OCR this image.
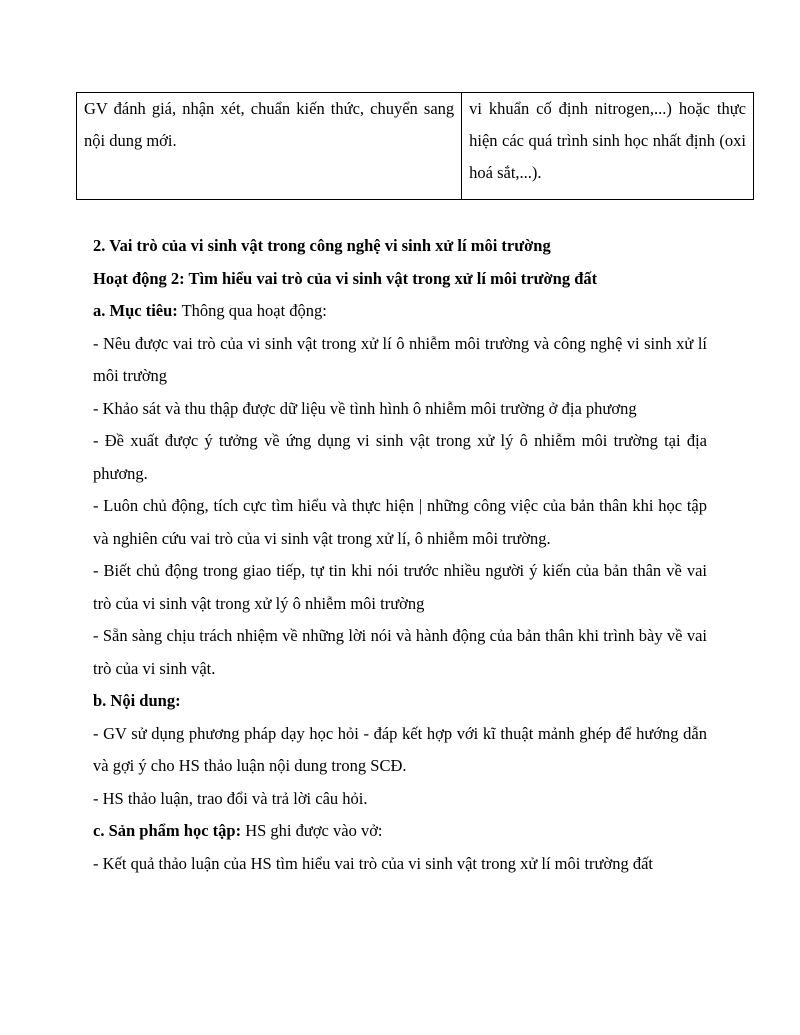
GV đánh giá, nhận xét, chuẩn kiến thức, chuyển sang nội dung mới.	vi khuẩn cố định nitrogen,...) hoặc thực hiện các quá trình sinh học nhất định (oxi hoá sắt,...).

2. Vai trò của vi sinh vật trong công nghệ vi sinh xử lí môi trường

Hoạt động 2: Tìm hiểu vai trò của vi sinh vật trong xử lí môi trường đất

a. Mục tiêu: Thông qua hoạt động:

- Nêu được vai trò của vi sinh vật trong xử lí ô nhiễm môi trường và công nghệ vi sinh xử lí môi trường

- Khảo sát và thu thập được dữ liệu về tình hình ô nhiễm môi trường ở địa phương

- Đề xuất được ý tưởng về ứng dụng vi sinh vật trong xử lý ô nhiễm môi trường tại địa phương.

- Luôn chủ động, tích cực tìm hiểu và thực hiện | những công việc của bản thân khi học tập và nghiên cứu vai trò của vi sinh vật trong xử lí, ô nhiễm môi trường.

- Biết chủ động trong giao tiếp, tự tin khi nói trước nhiều người ý kiến của bản thân về vai trò của vi sinh vật trong xử lý ô nhiễm môi trường

- Sẵn sàng chịu trách nhiệm về những lời nói và hành động của bản thân khi trình bày về vai trò của vi sinh vật.

b. Nội dung:

- GV sử dụng phương pháp dạy học hỏi - đáp kết hợp với kĩ thuật mảnh ghép để hướng dẫn và gợi ý cho HS thảo luận nội dung trong SCĐ.

- HS thảo luận, trao đổi và trả lời câu hỏi.

c. Sản phẩm học tập: HS ghi được vào vở:

- Kết quả thảo luận của HS tìm hiểu vai trò của vi sinh vật trong xử lí môi trường đất
